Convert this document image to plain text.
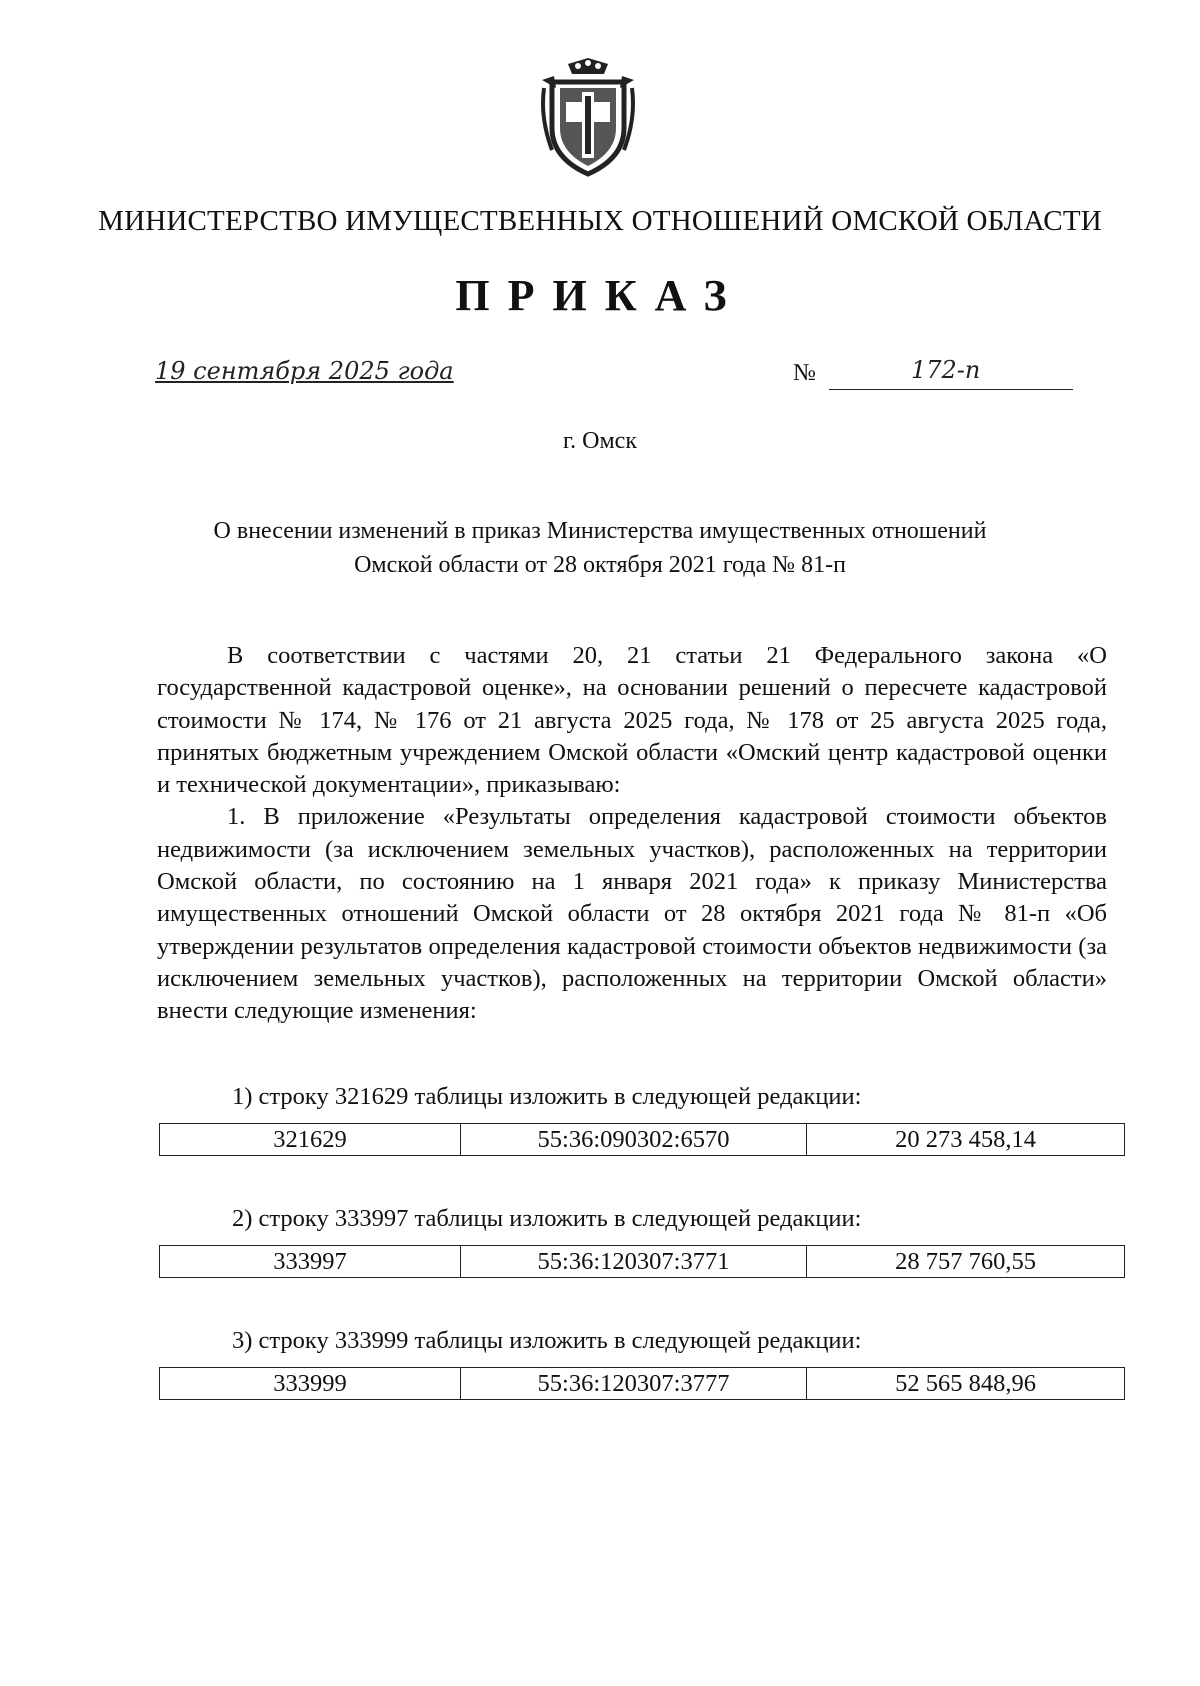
МИНИСТЕРСТВО ИМУЩЕСТВЕННЫХ ОТНОШЕНИЙ ОМСКОЙ ОБЛАСТИ
ПРИКАЗ
19 сентября 2025 года	№	172-п
г. Омск
О внесении изменений в приказ Министерства имущественных отношений
Омской области от 28 октября 2021 года № 81-п

В соответствии с частями 20, 21 статьи 21 Федерального закона «О государственной кадастровой оценке», на основании решений о пересчете кадастровой стоимости № 174, № 176 от 21 августа 2025 года, № 178 от 25 августа 2025 года, принятых бюджетным учреждением Омской области «Омский центр кадастровой оценки и технической документации», приказываю:

1. В приложение «Результаты определения кадастровой стоимости объектов недвижимости (за исключением земельных участков), расположенных на территории Омской области, по состоянию на 1 января 2021 года» к приказу Министерства имущественных отношений Омской области от 28 октября 2021 года № 81-п «Об утверждении результатов определения кадастровой стоимости объектов недвижимости (за исключением земельных участков), расположенных на территории Омской области» внести следующие изменения:

1) строку 321629 таблицы изложить в следующей редакции:
321629	55:36:090302:6570	20 273 458,14
2) строку 333997 таблицы изложить в следующей редакции:
333997	55:36:120307:3771	28 757 760,55
3) строку 333999 таблицы изложить в следующей редакции:
333999	55:36:120307:3777	52 565 848,96
